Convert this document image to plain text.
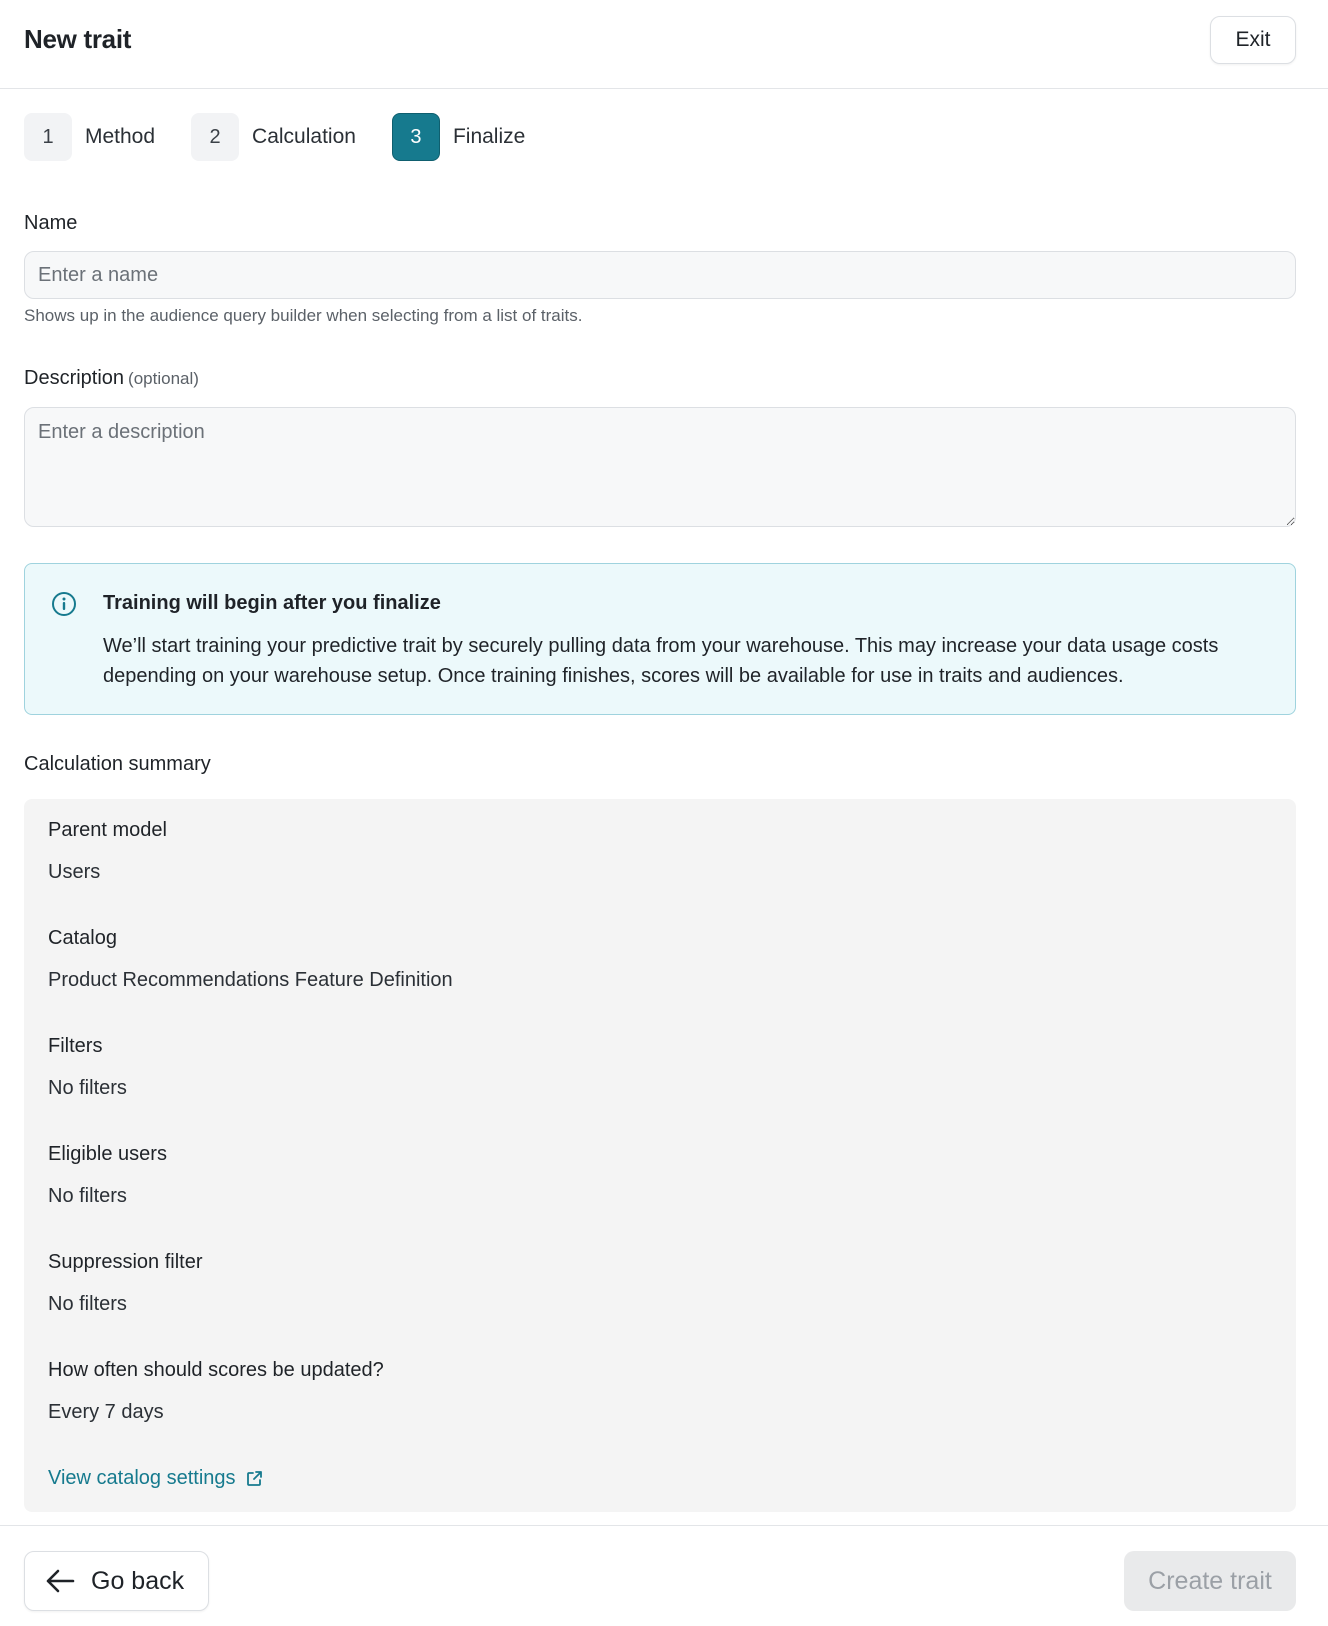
New trait	Exit
1	Method	2	Calculation	3	Finalize
Name
Enter a name
Shows up in the audience query builder when selecting from a list of traits.
Description (optional)
Enter a description
Training will begin after you finalize

We’ll start training your predictive trait by securely pulling data from your warehouse. This may increase your data usage costs depending on your warehouse setup. Once training finishes, scores will be available for use in traits and audiences.

Calculation summary
Parent model
Users
Catalog
Product Recommendations Feature Definition
Filters
No filters
Eligible users
No filters
Suppression filter
No filters
How often should scores be updated?
Every 7 days
View catalog settings
Go back	Create trait
